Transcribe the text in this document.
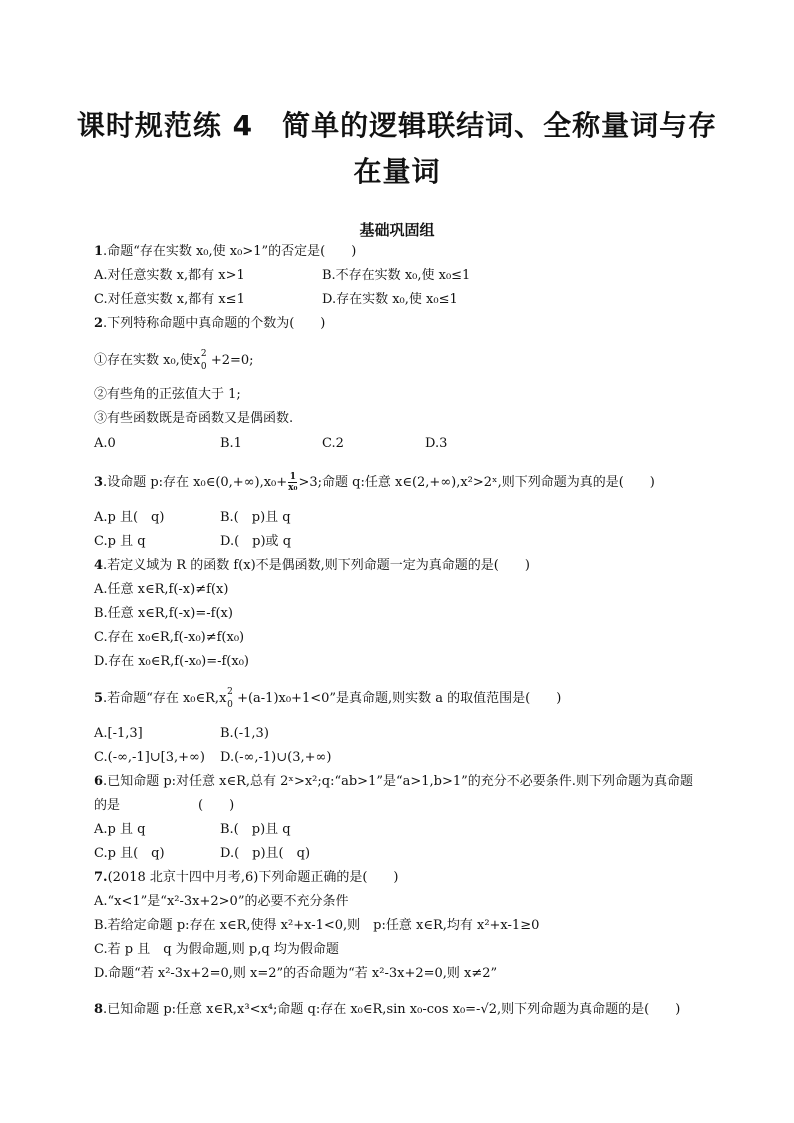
课时规范练 4　简单的逻辑联结词、全称量词与存
在量词
基础巩固组
1.命题“存在实数 x₀,使 x₀>1”的否定是(　　)
A.对任意实数 x,都有 x>1	B.不存在实数 x₀,使 x₀≤1
C.对任意实数 x,都有 x≤1	D.存在实数 x₀,使 x₀≤1
2.下列特称命题中真命题的个数为(　　)
①存在实数 x₀,使x 2
0 +2=0;
②有些角的正弦值大于 1;
③有些函数既是奇函数又是偶函数.
A.0	B.1	C.2	D.3
3.设命题 p:存在 x₀∈(0,+∞),x₀+ $\frac{1}{\text{x₀}} >3$;命题 q:任意 x∈(2,+∞),x²>2ˣ,则下列命题为真的是(　　)
A.p 且(　q)	B.(　p)且 q
C.p 且 q	D.(　p)或 q
4.若定义域为 R 的函数 f(x)不是偶函数,则下列命题一定为真命题的是(　　)
A.任意 x∈R,f(-x)≠f(x)
B.任意 x∈R,f(-x)=-f(x)
C.存在 x₀∈R,f(-x₀)≠f(x₀)
D.存在 x₀∈R,f(-x₀)=-f(x₀)
5.若命题“存在 x₀∈R,x 2
0 +(a-1)x₀+1<0”是真命题,则实数 a 的取值范围是(　　)
A.[-1,3]	B.(-1,3)
C.(-∞,-1]∪[3,+∞) D.(-∞,-1)∪(3,+∞)
6.已知命题 p:对任意 x∈R,总有 2ˣ>x²;q:“ab>1”是“a>1,b>1”的充分不必要条件.则下列命题为真命题
的是　　　　　　(　　)
A.p 且 q	B.(　p)且 q
C.p 且(　q)	D.(　p)且(　q)
7.(2018 北京十四中月考,6)下列命题正确的是(　　)
A.“x<1”是“x²-3x+2>0”的必要不充分条件
B.若给定命题 p:存在 x∈R,使得 x²+x-1<0,则　p:任意 x∈R,均有 x²+x-1≥0
C.若 p 且　q 为假命题,则 p,q 均为假命题
D.命题“若 x²-3x+2=0,则 x=2”的否命题为“若 x²-3x+2=0,则 x≠2”
8.已知命题 p:任意 x∈R,x³<x⁴;命题 q:存在 x₀∈R,sin x₀-cos x₀=-√2,则下列命题为真命题的是(　　)
